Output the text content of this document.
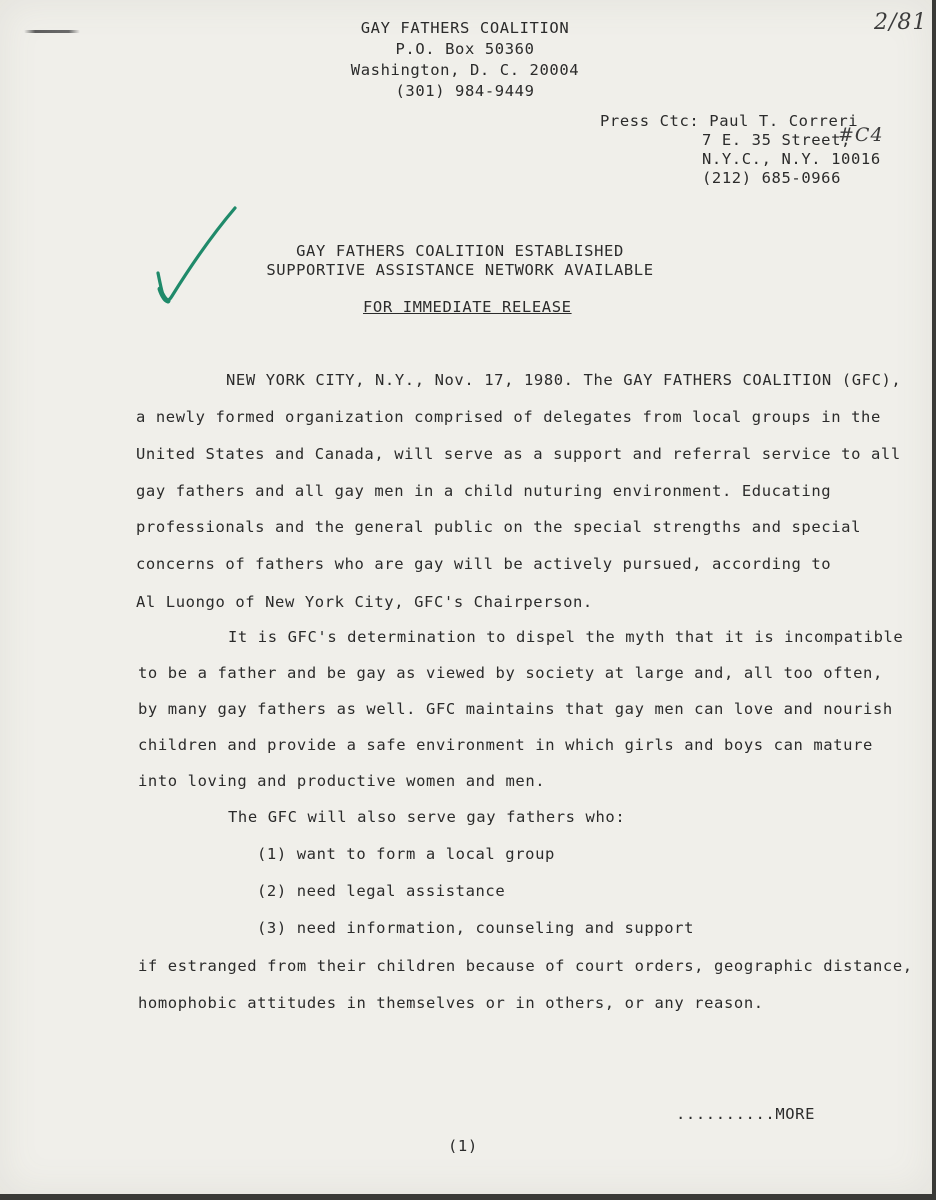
2/81
GAY FATHERS COALITION
P.O. Box 50360
Washington, D. C. 20004
(301) 984-9449
Press Ctc: Paul T. Correri
7 E. 35 Street,
N.Y.C., N.Y. 10016
(212) 685-0966
#C4
GAY FATHERS COALITION ESTABLISHED
SUPPORTIVE ASSISTANCE NETWORK AVAILABLE
FOR IMMEDIATE RELEASE
NEW YORK CITY, N.Y., Nov. 17, 1980. The GAY FATHERS COALITION (GFC),
a newly formed organization comprised of delegates from local groups in the
United States and Canada, will serve as a support and referral service to all
gay fathers and all gay men in a child nuturing environment. Educating
professionals and the general public on the special strengths and special
concerns of fathers who are gay will be actively pursued, according to
Al Luongo of New York City, GFC's Chairperson.
It is GFC's determination to dispel the myth that it is incompatible
to be a father and be gay as viewed by society at large and, all too often,
by many gay fathers as well. GFC maintains that gay men can love and nourish
children and provide a safe environment in which girls and boys can mature
into loving and productive women and men.
The GFC will also serve gay fathers who:
(1) want to form a local group
(2) need legal assistance
(3) need information, counseling and support
if estranged from their children because of court orders, geographic distance,
homophobic attitudes in themselves or in others, or any reason.
..........MORE
(1)
